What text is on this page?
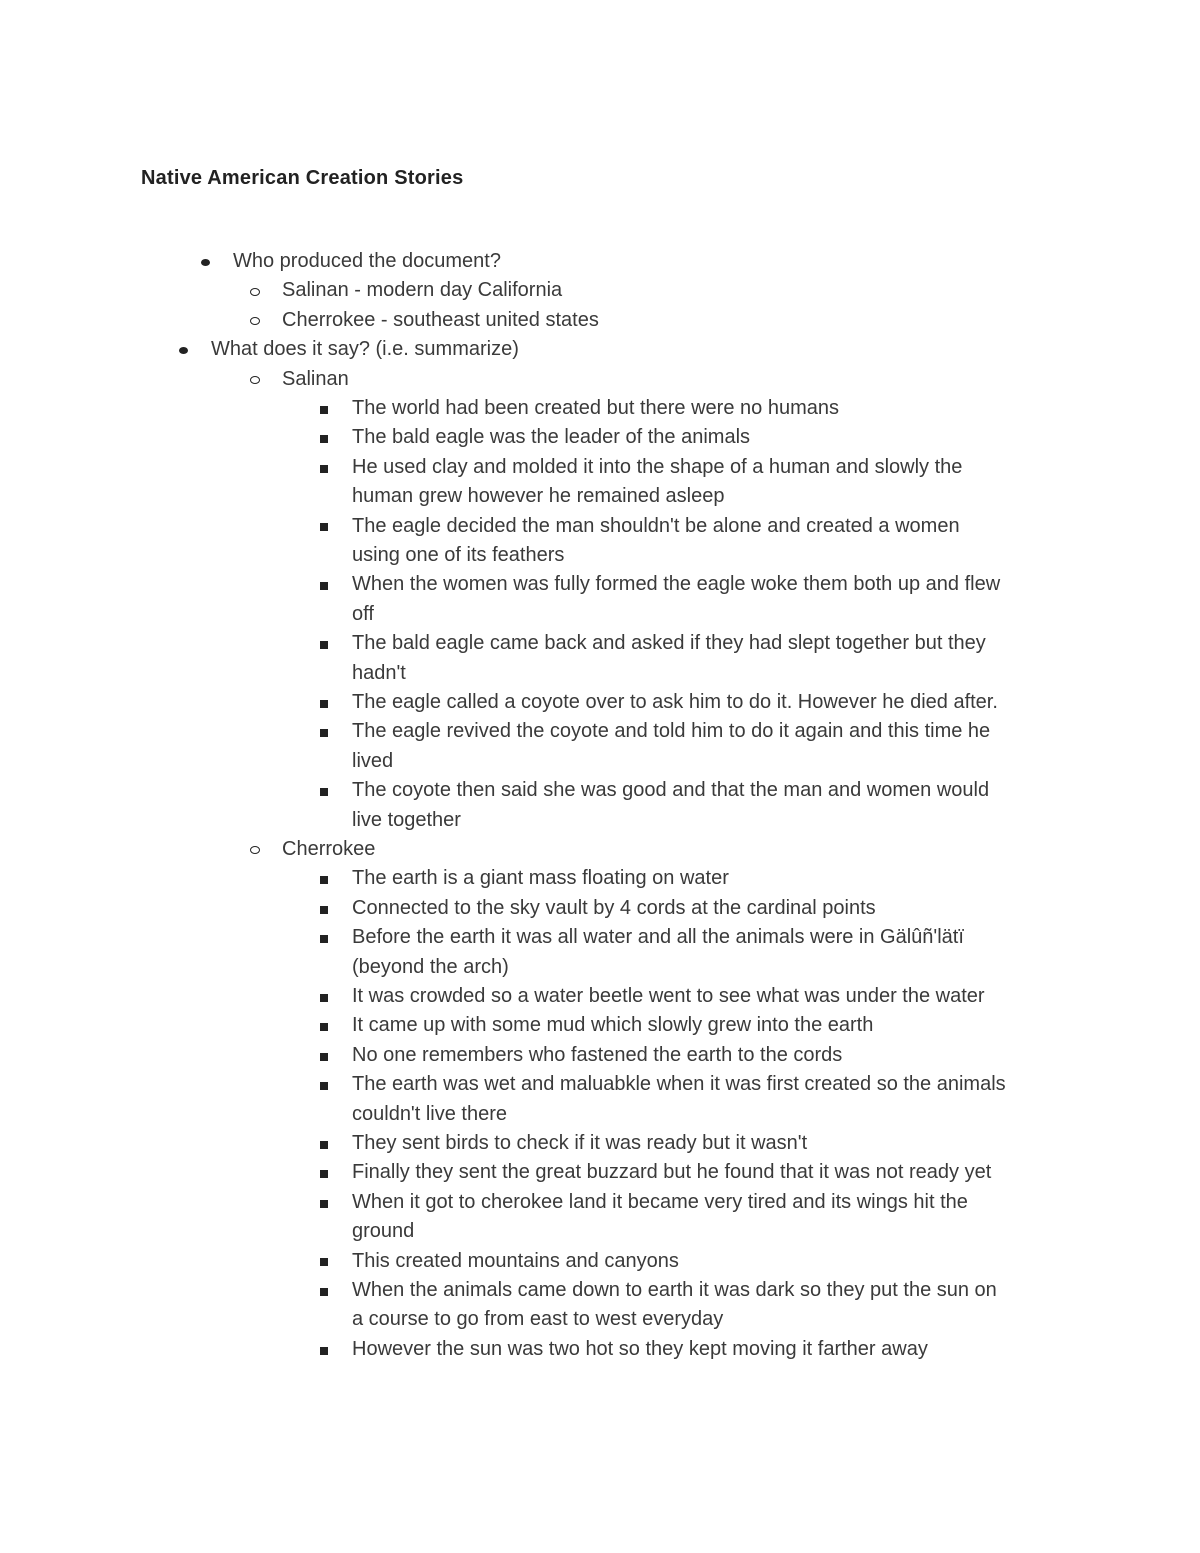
Native American Creation Stories
Who produced the document?
Salinan - modern day California
Cherrokee - southeast united states
What does it say? (i.e. summarize)
Salinan
The world had been created but there were no humans
The bald eagle was the leader of the animals
He used clay and molded it into the shape of a human and slowly the
human grew however he remained asleep
The eagle decided the man shouldn't be alone and created a women
using one of its feathers
When the women was fully formed the eagle woke them both up and flew
off
The bald eagle came back and asked if they had slept together but they
hadn't
The eagle called a coyote over to ask him to do it. However he died after.
The eagle revived the coyote and told him to do it again and this time he
lived
The coyote then said she was good and that the man and women would
live together
Cherrokee
The earth is a giant mass floating on water
Connected to the sky vault by 4 cords at the cardinal points
Before the earth it was all water and all the animals were in Gälûñ'lätï
(beyond the arch)
It was crowded so a water beetle went to see what was under the water
It came up with some mud which slowly grew into the earth
No one remembers who fastened the earth to the cords
The earth was wet and maluabkle when it was first created so the animals
couldn't live there
They sent birds to check if it was ready but it wasn't
Finally they sent the great buzzard but he found that it was not ready yet
When it got to cherokee land it became very tired and its wings hit the
ground
This created mountains and canyons
When the animals came down to earth it was dark so they put the sun on
a course to go from east to west everyday
However the sun was two hot so they kept moving it farther away
